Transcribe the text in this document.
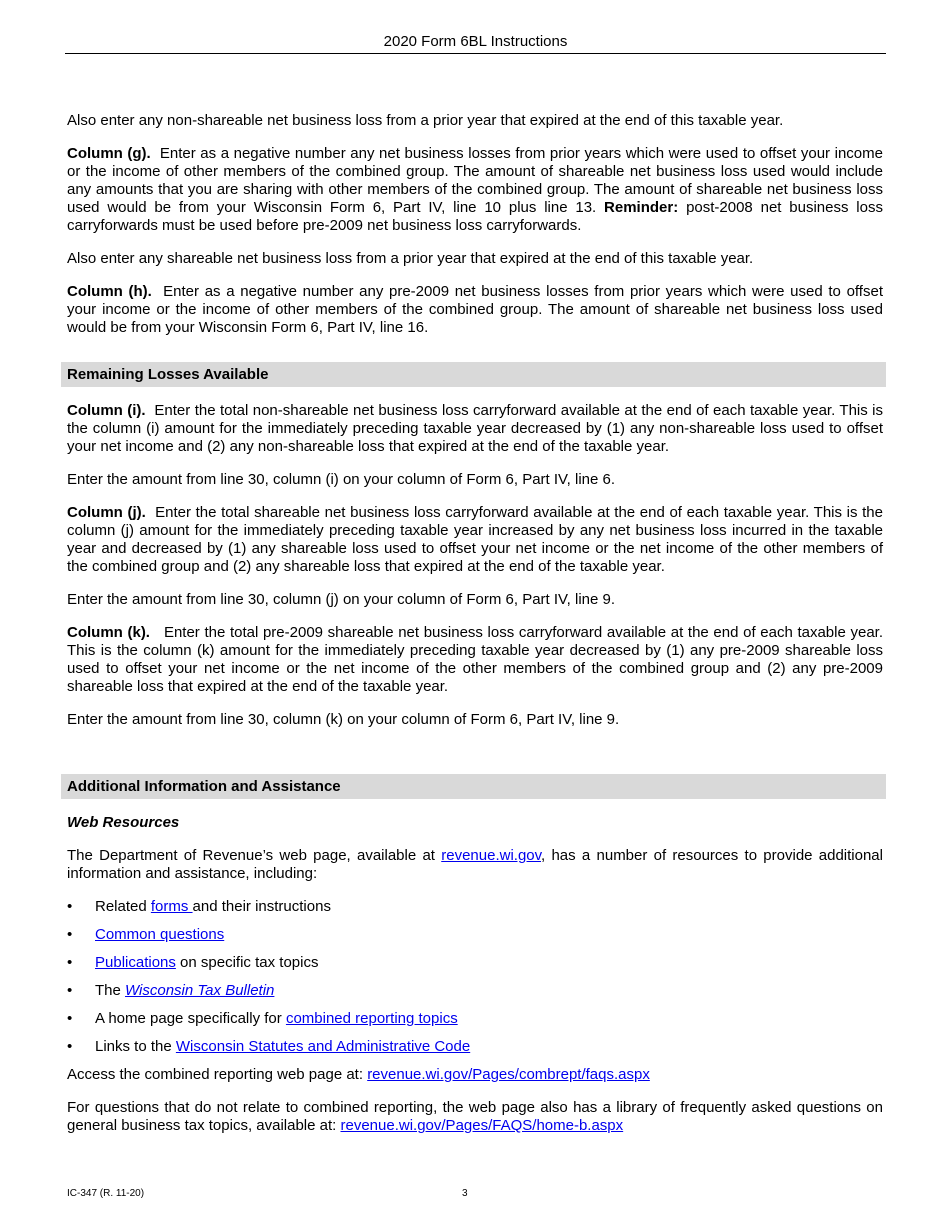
2020 Form 6BL Instructions

Also enter any non-shareable net business loss from a prior year that expired at the end of this taxable year.

Column (g). Enter as a negative number any net business losses from prior years which were used to offset your income or the income of other members of the combined group. The amount of shareable net business loss used would include any amounts that you are sharing with other members of the combined group. The amount of shareable net business loss used would be from your Wisconsin Form 6, Part IV, line 10 plus line 13. Reminder: post-2008 net business loss carryforwards must be used before pre-2009 net business loss carryforwards.

Also enter any shareable net business loss from a prior year that expired at the end of this taxable year.

Column (h). Enter as a negative number any pre-2009 net business losses from prior years which were used to offset your income or the income of other members of the combined group. The amount of shareable net business loss used would be from your Wisconsin Form 6, Part IV, line 16.

Remaining Losses Available

Column (i). Enter the total non-shareable net business loss carryforward available at the end of each taxable year. This is the column (i) amount for the immediately preceding taxable year decreased by (1) any non-shareable loss used to offset your net income and (2) any non-shareable loss that expired at the end of the taxable year.

Enter the amount from line 30, column (i) on your column of Form 6, Part IV, line 6.

Column (j). Enter the total shareable net business loss carryforward available at the end of each taxable year. This is the column (j) amount for the immediately preceding taxable year increased by any net business loss incurred in the taxable year and decreased by (1) any shareable loss used to offset your net income or the net income of the other members of the combined group and (2) any shareable loss that expired at the end of the taxable year.

Enter the amount from line 30, column (j) on your column of Form 6, Part IV, line 9.

Column (k). Enter the total pre-2009 shareable net business loss carryforward available at the end of each taxable year. This is the column (k) amount for the immediately preceding taxable year decreased by (1) any pre-2009 shareable loss used to offset your net income or the net income of the other members of the combined group and (2) any pre-2009 shareable loss that expired at the end of the taxable year.

Enter the amount from line 30, column (k) on your column of Form 6, Part IV, line 9.

Additional Information and Assistance

Web Resources

The Department of Revenue’s web page, available at revenue.wi.gov, has a number of resources to provide additional information and assistance, including:

• Related forms and their instructions
• Common questions
• Publications on specific tax topics
• The Wisconsin Tax Bulletin
• A home page specifically for combined reporting topics
• Links to the Wisconsin Statutes and Administrative Code

Access the combined reporting web page at: revenue.wi.gov/Pages/combrept/faqs.aspx

For questions that do not relate to combined reporting, the web page also has a library of frequently asked questions on general business tax topics, available at: revenue.wi.gov/Pages/FAQS/home-b.aspx

IC-347 (R. 11-20)	3
